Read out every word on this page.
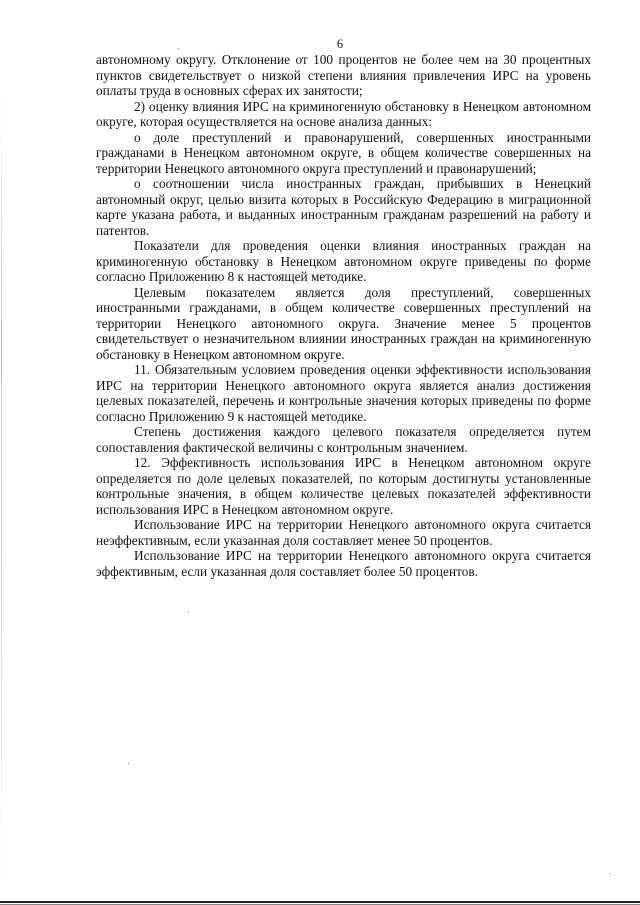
6

автономному округу. Отклонение от 100 процентов не более чем на 30 процентных пунктов свидетельствует о низкой степени влияния привлечения ИРС на уровень оплаты труда в основных сферах их занятости;

2) оценку влияния ИРС на криминогенную обстановку в Ненецком автономном округе, которая осуществляется на основе анализа данных:

о доле преступлений и правонарушений, совершенных иностранными гражданами в Ненецком автономном округе, в общем количестве совершенных на территории Ненецкого автономного округа преступлений и правонарушений;

о соотношении числа иностранных граждан, прибывших в Ненецкий автономный округ, целью визита которых в Российскую Федерацию в миграционной карте указана работа, и выданных иностранным гражданам разрешений на работу и патентов.

Показатели для проведения оценки влияния иностранных граждан на криминогенную обстановку в Ненецком автономном округе приведены по форме согласно Приложению 8 к настоящей методике.

Целевым показателем является доля преступлений, совершенных иностранными гражданами, в общем количестве совершенных преступлений на территории Ненецкого автономного округа. Значение менее 5 процентов свидетельствует о незначительном влиянии иностранных граждан на криминогенную обстановку в Ненецком автономном округе.

11. Обязательным условием проведения оценки эффективности использования ИРС на территории Ненецкого автономного округа является анализ достижения целевых показателей, перечень и контрольные значения которых приведены по форме согласно Приложению 9 к настоящей методике.

Степень достижения каждого целевого показателя определяется путем сопоставления фактической величины с контрольным значением.

12. Эффективность использования ИРС в Ненецком автономном округе определяется по доле целевых показателей, по которым достигнуты установленные контрольные значения, в общем количестве целевых показателей эффективности использования ИРС в Ненецком автономном округе.

Использование ИРС на территории Ненецкого автономного округа считается неэффективным, если указанная доля составляет менее 50 процентов.

Использование ИРС на территории Ненецкого автономного округа считается эффективным, если указанная доля составляет более 50 процентов.
